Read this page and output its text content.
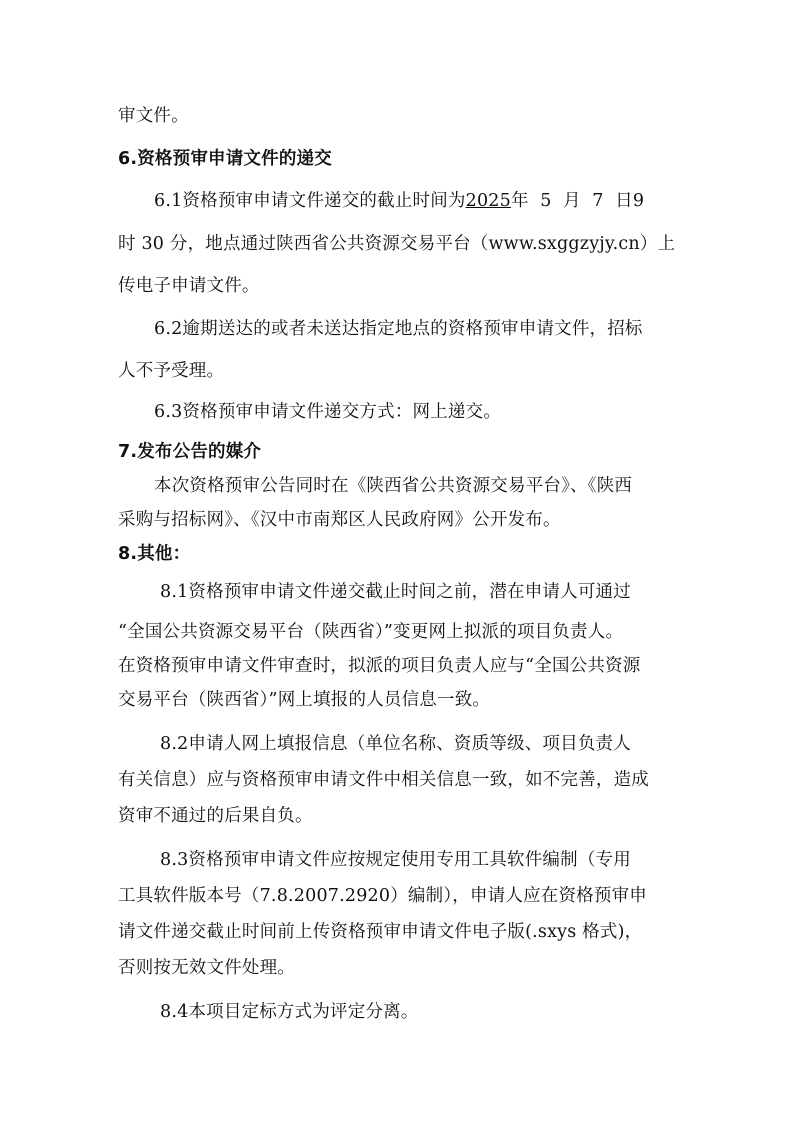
审文件。
6.资格预审申请文件的递交
6.1资格预审申请文件递交的截止时间为2025年  5  月  7  日9
时 30 分，地点通过陕西省公共资源交易平台（www.sxggzyjy.cn）上
传电子申请文件。
6.2逾期送达的或者未送达指定地点的资格预审申请文件，招标
人不予受理。
6.3资格预审申请文件递交方式：网上递交。
7.发布公告的媒介
本次资格预审公告同时在《陕西省公共资源交易平台》、《陕西
采购与招标网》、《汉中市南郑区人民政府网》公开发布。
8.其他：
8.1资格预审申请文件递交截止时间之前，潜在申请人可通过
“全国公共资源交易平台（陕西省）”变更网上拟派的项目负责人。
在资格预审申请文件审查时，拟派的项目负责人应与“全国公共资源
交易平台（陕西省）”网上填报的人员信息一致。
8.2申请人网上填报信息（单位名称、资质等级、项目负责人
有关信息）应与资格预审申请文件中相关信息一致，如不完善，造成
资审不通过的后果自负。
8.3资格预审申请文件应按规定使用专用工具软件编制（专用
工具软件版本号（7.8.2007.2920）编制），申请人应在资格预审申
请文件递交截止时间前上传资格预审申请文件电子版(.sxys 格式)，
否则按无效文件处理。
8.4本项目定标方式为评定分离。
